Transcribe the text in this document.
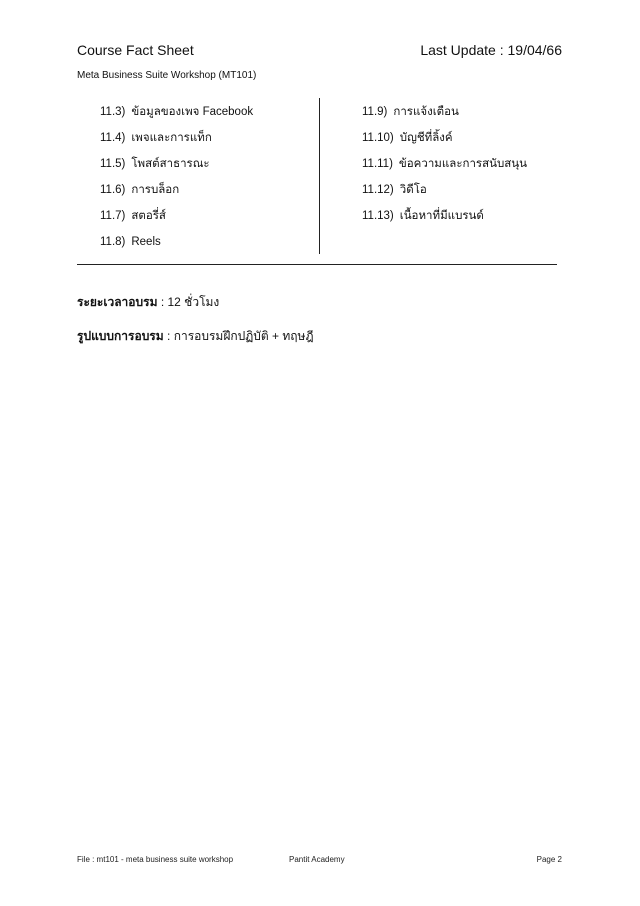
Course Fact Sheet	Last Update : 19/04/66
Meta Business Suite Workshop (MT101)
11.3) ข้อมูลของเพจ Facebook
11.4) เพจและการแท็ก
11.5) โพสต์สาธารณะ
11.6) การบล็อก
11.7) สตอรี่ส์
11.8) Reels
11.9) การแจ้งเตือน
11.10) บัญชีที่ลิ้งค์
11.11) ข้อความและการสนับสนุน
11.12) วิดีโอ
11.13) เนื้อหาที่มีแบรนด์
ระยะเวลาอบรม : 12 ชั่วโมง
รูปแบบการอบรม : การอบรมฝึกปฏิบัติ + ทฤษฎี
File : mt101 - meta business suite workshop	Pantit Academy	Page 2
